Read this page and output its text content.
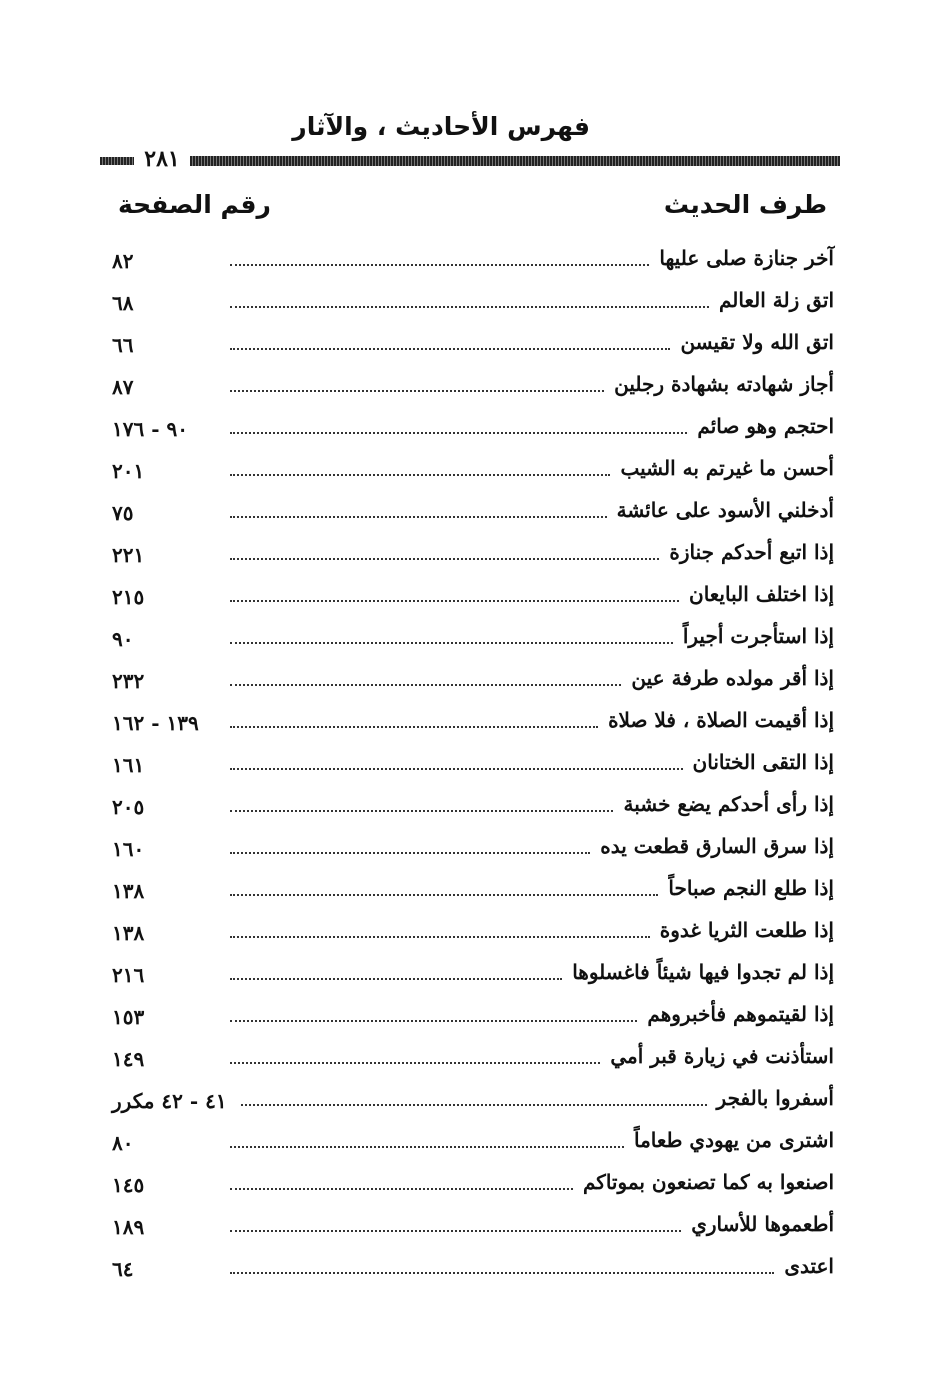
فهرس الأحاديث ، والآثار
٢٨١
طرف الحديث
رقم الصفحة
آخر جنازة صلى عليها
٨٢
اتق زلة العالم
٦٨
اتق الله ولا تقيسن
٦٦
أجاز شهادته بشهادة رجلين
٨٧
احتجم وهو صائم
٩٠ - ١٧٦
أحسن ما غيرتم به الشيب
٢٠١
أدخلني الأسود على عائشة
٧٥
إذا اتبع أحدكم جنازة
٢٢١
إذا اختلف البايعان
٢١٥
إذا استأجرت أجيراً
٩٠
إذا أقر مولده طرفة عين
٢٣٢
إذا أقيمت الصلاة ، فلا صلاة
١٣٩ - ١٦٢
إذا التقى الختانان
١٦١
إذا رأى أحدكم يضع خشبة
٢٠٥
إذا سرق السارق قطعت يده
١٦٠
إذا طلع النجم صباحاً
١٣٨
إذا طلعت الثريا غدوة
١٣٨
إذا لم تجدوا فيها شيئاً فاغسلوها
٢١٦
إذا لقيتموهم فأخبروهم
١٥٣
استأذنت في زيارة قبر أمي
١٤٩
أسفروا بالفجر
٤١ - ٤٢ مكرر
اشترى من يهودي طعاماً
٨٠
اصنعوا به كما تصنعون بموتاكم
١٤٥
أطعموها للأساري
١٨٩
اعتدى
٦٤
